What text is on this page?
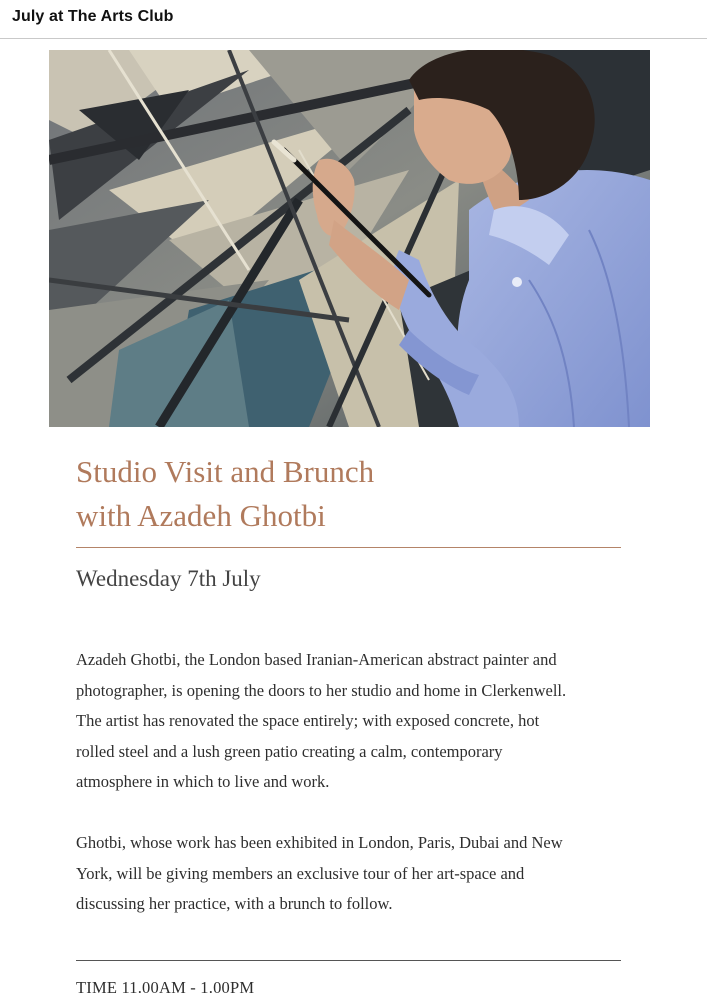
July at The Arts Club
Studio Visit and Brunch
with Azadeh Ghotbi
Wednesday 7th July

Azadeh Ghotbi, the London based Iranian-American abstract painter and
photographer, is opening the doors to her studio and home in Clerkenwell.
The artist has renovated the space entirely; with exposed concrete, hot
rolled steel and a lush green patio creating a calm, contemporary
atmosphere in which to live and work.

Ghotbi, whose work has been exhibited in London, Paris, Dubai and New
York, will be giving members an exclusive tour of her art-space and
discussing her practice, with a brunch to follow.

TIME 11.00AM - 1.00PM
